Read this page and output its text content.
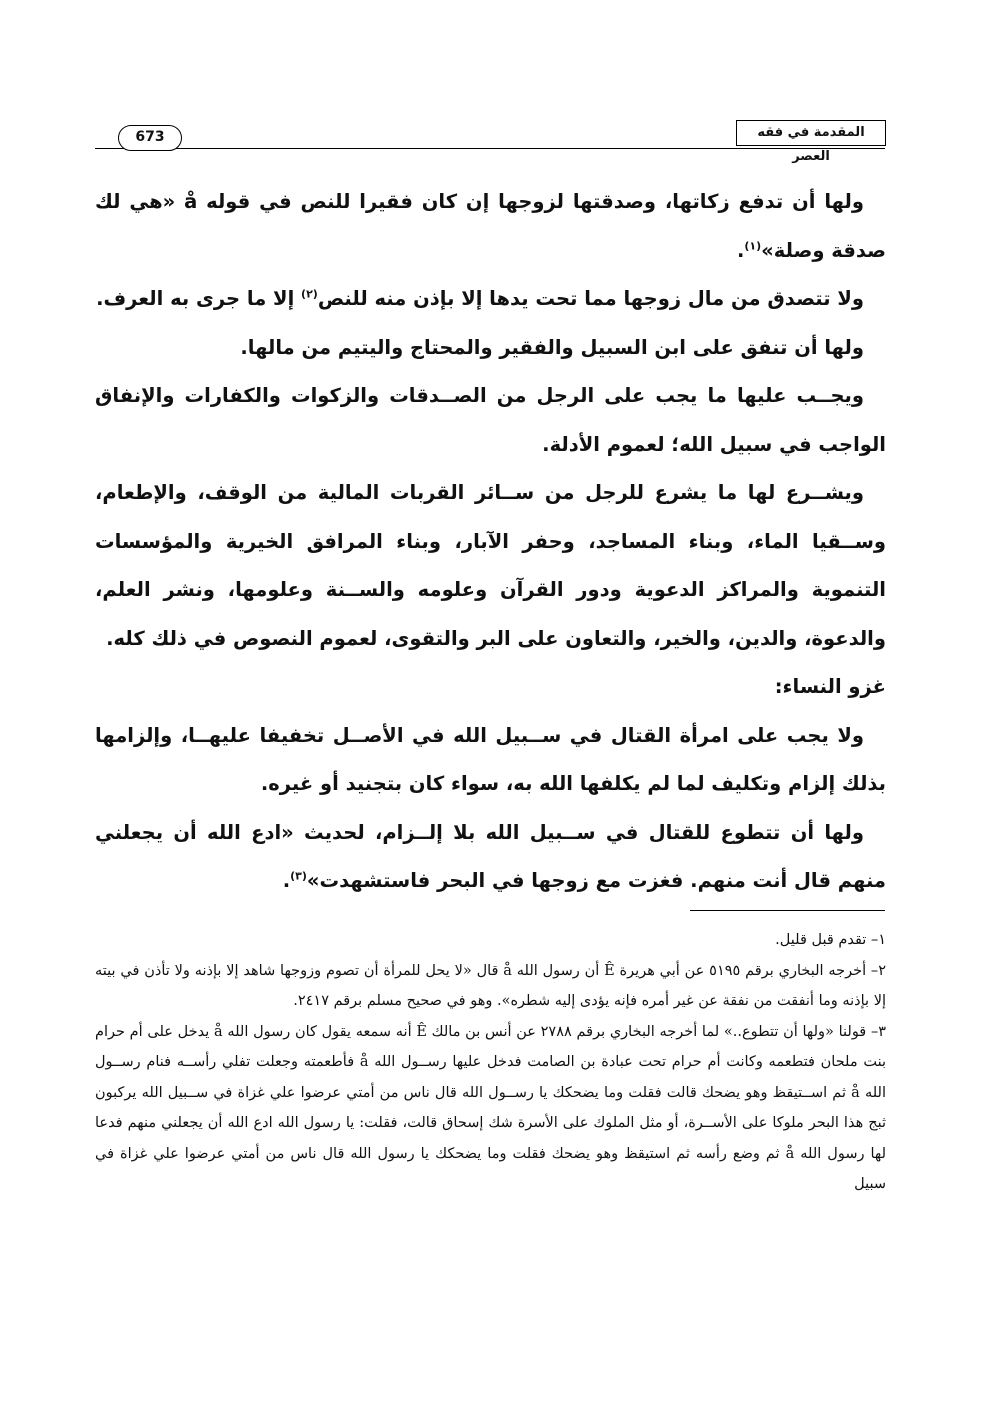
المقدمة في فقه العصر
673

ولها أن تدفع زكاتها، وصدقتها لزوجها إن كان فقيرا للنص في قوله å «هي لك صدقة وصلة»$^{(١)}$.

ولا تتصدق من مال زوجها مما تحت يدها إلا بإذن منه للنص$^{(٢)}$ إلا ما جرى به العرف.

ولها أن تنفق على ابن السبيل والفقير والمحتاج واليتيم من مالها.

ويجــب عليها ما يجب على الرجل من الصــدقات والزكوات والكفارات والإنفاق الواجب في سبيل الله؛ لعموم الأدلة.

ويشــرع لها ما يشرع للرجل من ســائر القربات المالية من الوقف، والإطعام، وســقيا الماء، وبناء المساجد، وحفر الآبار، وبناء المرافق الخيرية والمؤسسات التنموية والمراكز الدعوية ودور القرآن وعلومه والســنة وعلومها، ونشر العلم، والدعوة، والدين، والخير، والتعاون على البر والتقوى، لعموم النصوص في ذلك كله.

غزو النساء:

ولا يجب على امرأة القتال في ســبيل الله في الأصــل تخفيفا عليهــا، وإلزامها بذلك إلزام وتكليف لما لم يكلفها الله به، سواء كان بتجنيد أو غيره.

ولها أن تتطوع للقتال في ســبيل الله بلا إلــزام، لحديث «ادع الله أن يجعلني منهم قال أنت منهم. فغزت مع زوجها في البحر فاستشهدت»$^{(٣)}$.

١– تقدم قبل قليل.

٢– أخرجه البخاري برقم ٥١٩٥ عن أبي هريرة Ê أن رسول الله å قال «لا يحل للمرأة أن تصوم وزوجها شاهد إلا بإذنه ولا تأذن في بيته إلا بإذنه وما أنفقت من نفقة عن غير أمره فإنه يؤدى إليه شطره». وهو في صحيح مسلم برقم ٢٤١٧.

٣– قولنا «ولها أن تتطوع..» لما أخرجه البخاري برقم ٢٧٨٨ عن أنس بن مالك Ê أنه سمعه يقول كان رسول الله å يدخل على أم حرام بنت ملحان فتطعمه وكانت أم حرام تحت عبادة بن الصامت فدخل عليها رســول الله å فأطعمته وجعلت تفلي رأســه فنام رســول الله å ثم اســتيقظ وهو يضحك قالت فقلت وما يضحكك يا رســول الله قال ناس من أمتي عرضوا علي غزاة في ســبيل الله يركبون ثبج هذا البحر ملوكا على الأســرة، أو مثل الملوك على الأسرة شك إسحاق قالت، فقلت: يا رسول الله ادع الله أن يجعلني منهم فدعا لها رسول الله å ثم وضع رأسه ثم استيقظ وهو يضحك فقلت وما يضحكك يا رسول الله قال ناس من أمتي عرضوا علي غزاة في سبيل
